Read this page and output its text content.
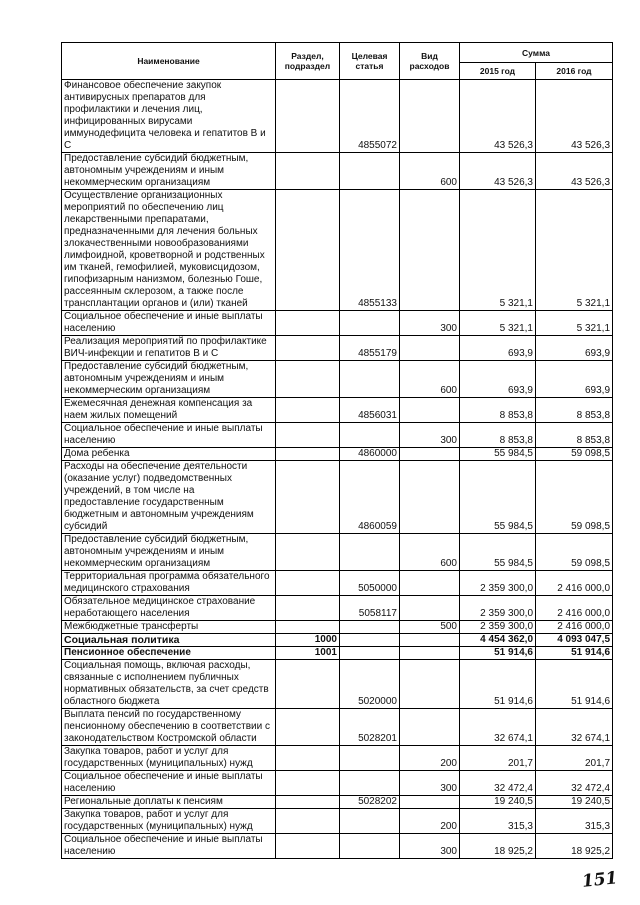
Наименование	Раздел, подраздел	Целевая статья	Вид расходов	Сумма	
				2015 год	2016 год
Финансовое обеспечение закупок антивирусных препаратов для профилактики и лечения лиц, инфицированных вирусами иммунодефицита человека и гепатитов В и С		4855072		43 526,3	43 526,3
Предоставление субсидий бюджетным, автономным учреждениям и иным некоммерческим организациям			600	43 526,3	43 526,3
Осуществление организационных мероприятий по обеспечению лиц лекарственными препаратами, предназначенными для лечения больных злокачественными новообразованиями лимфоидной, кроветворной и родственных им тканей, гемофилией, муковисцидозом, гипофизарным нанизмом, болезнью Гоше, рассеянным склерозом, а также после трансплантации органов и (или) тканей		4855133		5 321,1	5 321,1
Социальное обеспечение и иные выплаты населению			300	5 321,1	5 321,1
Реализация мероприятий по профилактике ВИЧ-инфекции и гепатитов В и С		4855179		693,9	693,9
Предоставление субсидий бюджетным, автономным учреждениям и иным некоммерческим организациям			600	693,9	693,9
Ежемесячная денежная компенсация за наем жилых помещений		4856031		8 853,8	8 853,8
Социальное обеспечение и иные выплаты населению			300	8 853,8	8 853,8
Дома ребенка		4860000		55 984,5	59 098,5
Расходы на обеспечение деятельности (оказание услуг) подведомственных учреждений, в том числе на предоставление государственным бюджетным и автономным учреждениям субсидий		4860059		55 984,5	59 098,5
Предоставление субсидий бюджетным, автономным учреждениям и иным некоммерческим организациям			600	55 984,5	59 098,5
Территориальная программа обязательного медицинского страхования		5050000		2 359 300,0	2 416 000,0
Обязательное медицинское страхование неработающего населения		5058117		2 359 300,0	2 416 000,0
Межбюджетные трансферты			500	2 359 300,0	2 416 000,0
Социальная политика	1000			4 454 362,0	4 093 047,5
Пенсионное обеспечение	1001			51 914,6	51 914,6
Социальная помощь, включая расходы, связанные с исполнением публичных нормативных обязательств, за счет средств областного бюджета		5020000		51 914,6	51 914,6
Выплата пенсий по государственному пенсионному обеспечению в соответствии с законодательством Костромской области		5028201		32 674,1	32 674,1
Закупка товаров, работ и услуг для государственных (муниципальных) нужд			200	201,7	201,7
Социальное обеспечение и иные выплаты населению			300	32 472,4	32 472,4
Региональные доплаты к пенсиям		5028202		19 240,5	19 240,5
Закупка товаров, работ и услуг для государственных (муниципальных) нужд			200	315,3	315,3
Социальное обеспечение и иные выплаты населению			300	18 925,2	18 925,2
151
